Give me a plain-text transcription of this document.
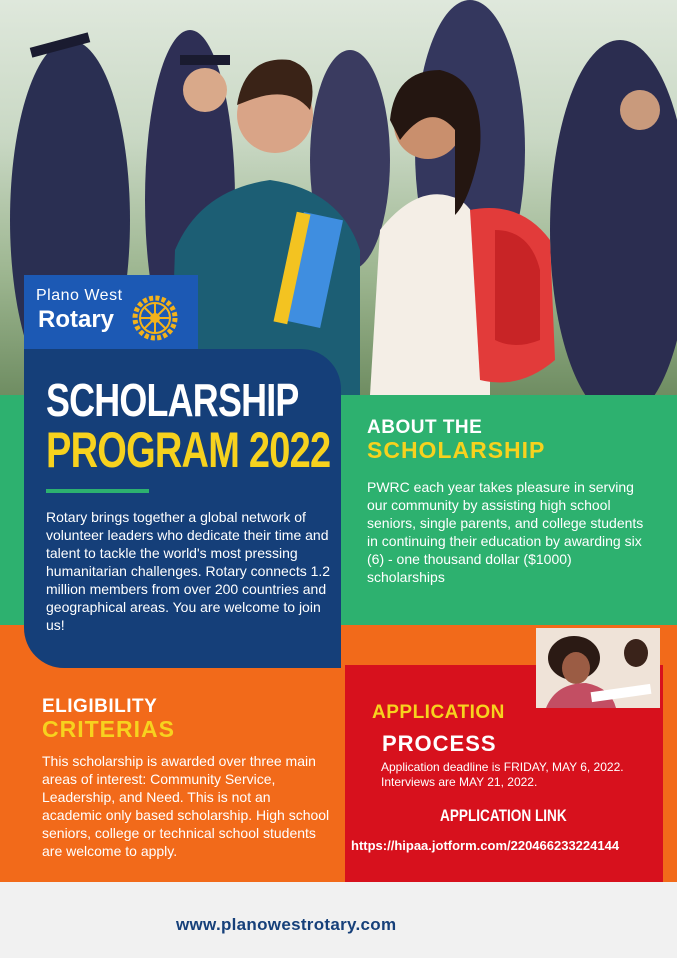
Plano West
Rotary
SCHOLARSHIP
PROGRAM 2022
Rotary brings together a global network of volunteer leaders who dedicate their time and talent to tackle the world's most pressing humanitarian challenges. Rotary connects 1.2 million members from over 200 countries and geographical areas. You are welcome to join us!
ABOUT THE
SCHOLARSHIP
PWRC each year takes pleasure in serving our community by assisting high school seniors, single parents, and college students in continuing their education by awarding six (6) - one thousand dollar ($1000) scholarships
ELIGIBILITY
CRITERIAS
This scholarship is awarded over three main areas of interest: Community Service, Leadership, and Need. This is not an academic only based scholarship. High school seniors, college or technical school students are welcome to apply.
APPLICATION
PROCESS
Application deadline is FRIDAY, MAY 6, 2022.
Interviews are MAY 21, 2022.
APPLICATION LINK
https://hipaa.jotform.com/220466233224144
www.planowestrotary.com
